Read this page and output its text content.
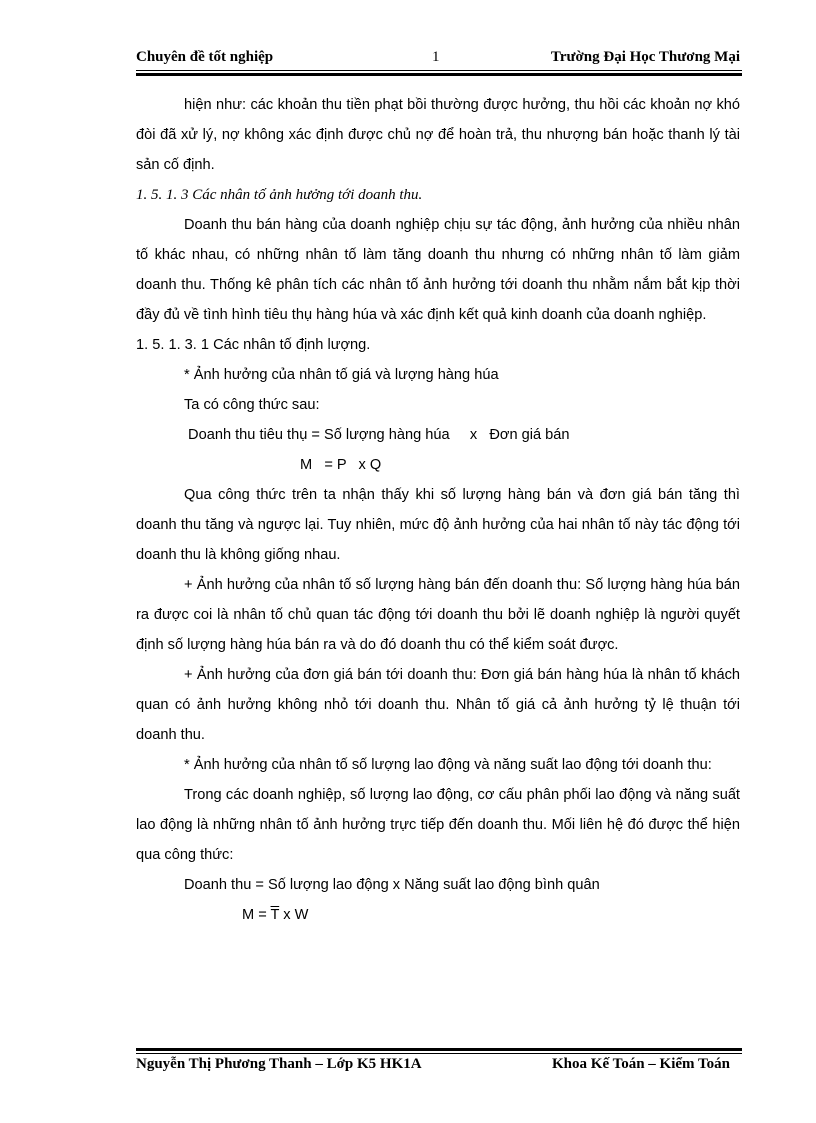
Chuyên đề tốt nghiệp	1	Trường Đại Học Thương Mại

hiện như: các khoản thu tiền phạt bồi thường được hưởng, thu hồi các khoản nợ khó đòi đã xử lý, nợ không xác định được chủ nợ để hoàn trả, thu nhượng bán hoặc thanh lý tài sản cố định.

1. 5. 1. 3 Các nhân tố ảnh hưởng tới doanh thu.

Doanh thu bán hàng của doanh nghiệp chịu sự tác động, ảnh hưởng của nhiều nhân tố khác nhau, có những nhân tố làm tăng doanh thu nhưng có những nhân tố làm giảm doanh thu. Thống kê phân tích các nhân tố ảnh hưởng tới doanh thu nhằm nắm bắt kịp thời đầy đủ về tình hình tiêu thụ hàng húa và xác định kết quả kinh doanh của doanh nghiệp.

1. 5. 1. 3. 1 Các nhân tố định lượng.

* Ảnh hưởng của nhân tố giá và lượng hàng húa

Ta có công thức sau:

Doanh thu tiêu thụ = Số lượng hàng húa     x   Đơn giá bán

M   = P   x Q

Qua công thức trên ta nhận thấy khi số lượng hàng bán và đơn giá bán tăng thì doanh thu tăng và ngược lại. Tuy nhiên, mức độ ảnh hưởng của hai nhân tố này tác động tới doanh thu là không giống nhau.

+ Ảnh hưởng của nhân tố số lượng hàng bán đến doanh thu: Số lượng hàng húa bán ra được coi là nhân tố chủ quan tác động tới doanh thu bởi lẽ doanh nghiệp là người quyết định số lượng hàng húa bán ra và do đó doanh thu có thể kiểm soát được.

+ Ảnh hưởng của đơn giá bán tới doanh thu: Đơn giá bán hàng húa là nhân tố khách quan có ảnh hưởng không nhỏ tới doanh thu. Nhân tố giá cả ảnh hưởng tỷ lệ thuận tới doanh thu.

* Ảnh hưởng của nhân tố số lượng lao động và năng suất lao động tới doanh thu:

Trong các doanh nghiệp, số lượng lao động, cơ cấu phân phối lao động và năng suất lao động là những nhân tố ảnh hưởng trực tiếp đến doanh thu. Mối liên hệ đó được thể hiện qua công thức:

Doanh thu = Số lượng lao động x Năng suất lao động bình quân

$M = \overline{T}$ x W

Nguyễn Thị Phương Thanh – Lớp K5 HK1A	Khoa Kế Toán – Kiểm Toán
